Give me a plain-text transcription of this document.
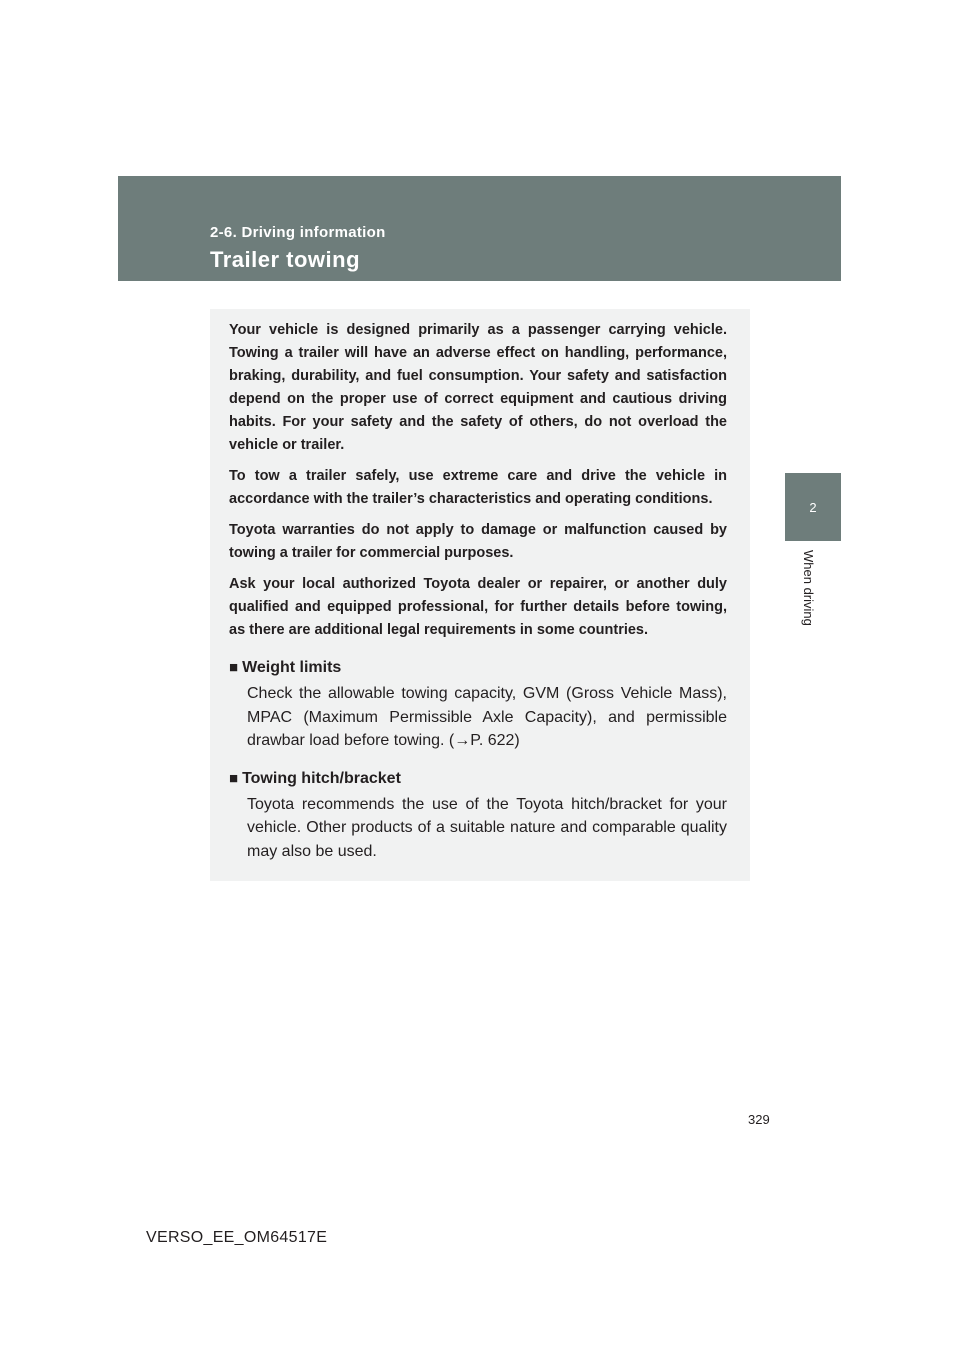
2-6. Driving information
Trailer towing
2
When driving

Your vehicle is designed primarily as a passenger carrying vehicle. Towing a trailer will have an adverse effect on handling, performance, braking, durability, and fuel consumption. Your safety and satisfaction depend on the proper use of correct equipment and cautious driving habits. For your safety and the safety of others, do not overload the vehicle or trailer.

To tow a trailer safely, use extreme care and drive the vehicle in accordance with the trailer’s characteristics and operating conditions.

Toyota warranties do not apply to damage or malfunction caused by towing a trailer for commercial purposes.

Ask your local authorized Toyota dealer or repairer, or another duly qualified and equipped professional, for further details before towing, as there are additional legal requirements in some countries.

■ Weight limits
Check the allowable towing capacity, GVM (Gross Vehicle Mass), MPAC (Maximum Permissible Axle Capacity), and permissible drawbar load before towing. (→P. 622)
■ Towing hitch/bracket
Toyota recommends the use of the Toyota hitch/bracket for your vehicle. Other products of a suitable nature and comparable quality may also be used.
329
VERSO_EE_OM64517E
